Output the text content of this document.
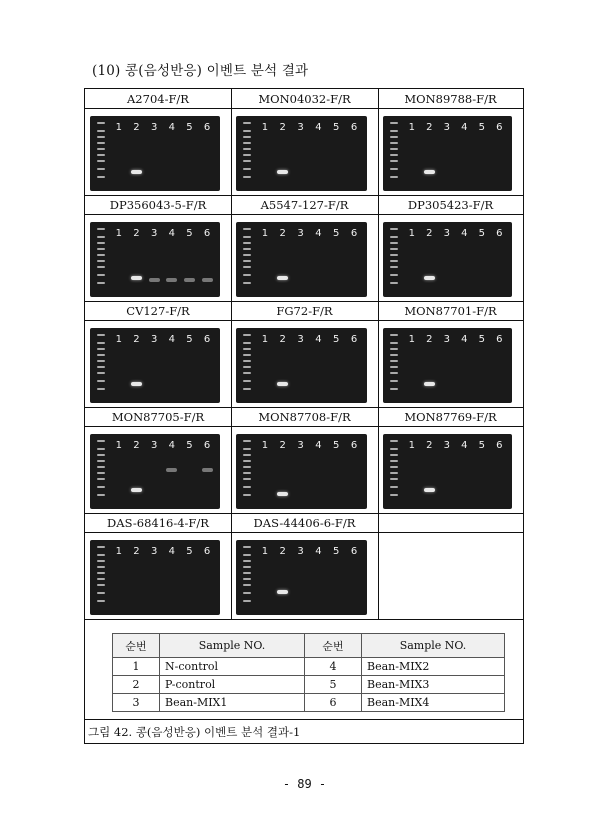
(10) 콩(음성반응) 이벤트 분석 결과
A2704-F/R
1 2 3 4 5 6
MON04032-F/R
1 2 3 4 5 6
MON89788-F/R
1 2 3 4 5 6
DP356043-5-F/R
1 2 3 4 5 6
A5547-127-F/R
1 2 3 4 5 6
DP305423-F/R
1 2 3 4 5 6
CV127-F/R
1 2 3 4 5 6
FG72-F/R
1 2 3 4 5 6
MON87701-F/R
1 2 3 4 5 6
MON87705-F/R
1 2 3 4 5 6
MON87708-F/R
1 2 3 4 5 6
MON87769-F/R
1 2 3 4 5 6
DAS-68416-4-F/R
1 2 3 4 5 6
DAS-44406-6-F/R
1 2 3 4 5 6
순번	Sample NO.	순번	Sample NO.
1	N-control	4	Bean-MIX2
2	P-control	5	Bean-MIX3
3	Bean-MIX1	6	Bean-MIX4
그림 42. 콩(음성반응) 이벤트 분석 결과-1
- 89 -
